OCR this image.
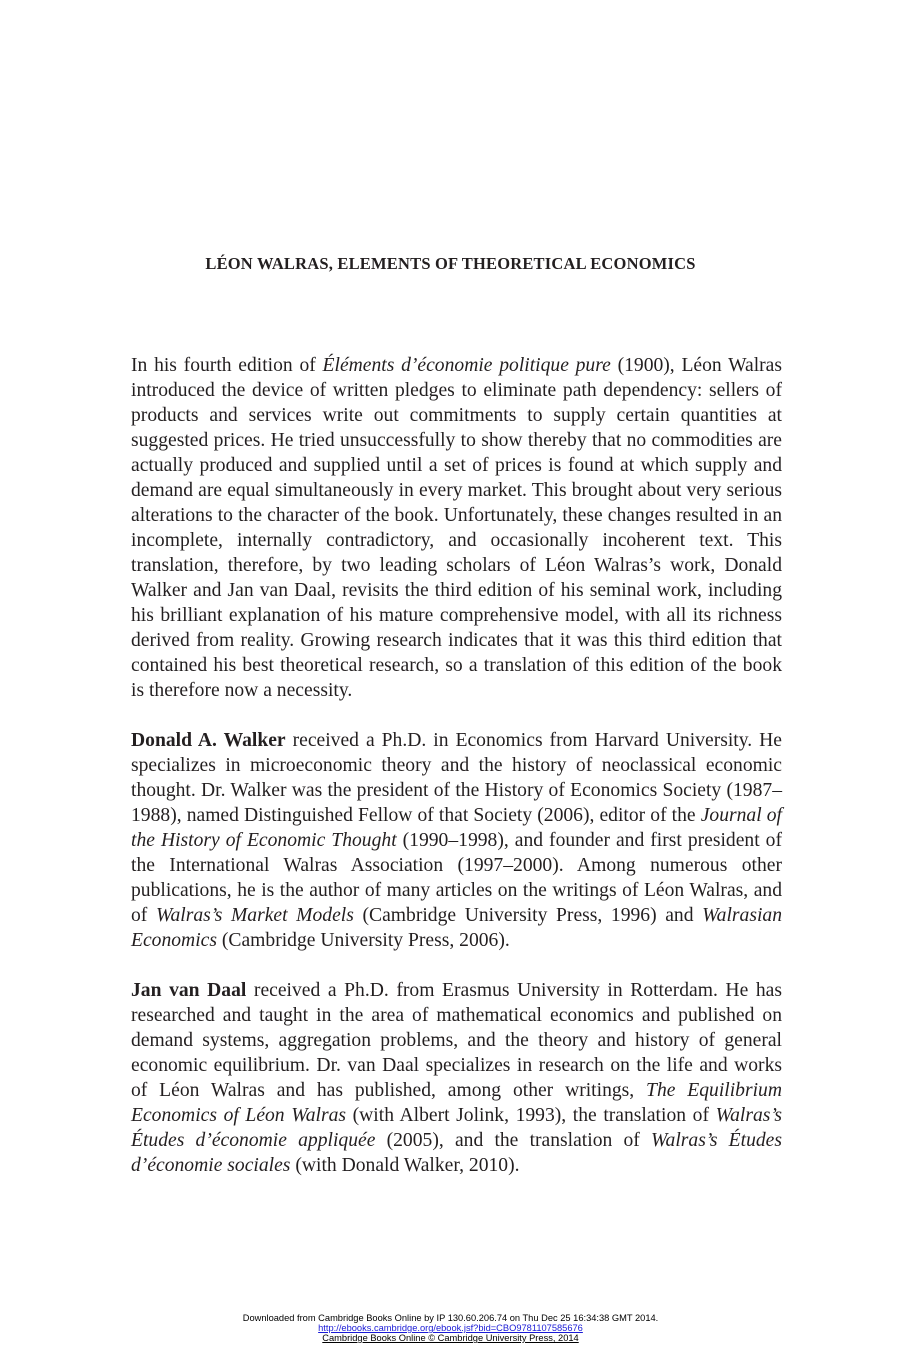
LÉON WALRAS, ELEMENTS OF THEORETICAL ECONOMICS

In his fourth edition of Éléments d’économie politique pure (1900), Léon Walras introduced the device of written pledges to eliminate path dependency: sellers of products and services write out commitments to supply certain quantities at suggested prices. He tried unsuccessfully to show thereby that no commodities are actually produced and supplied until a set of prices is found at which supply and demand are equal simultaneously in every market. This brought about very serious alterations to the character of the book. Unfortunately, these changes resulted in an incomplete, internally contradictory, and occasionally incoherent text. This translation, therefore, by two leading scholars of Léon Walras’s work, Donald Walker and Jan van Daal, revisits the third edition of his seminal work, including his brilliant explanation of his mature comprehensive model, with all its richness derived from reality. Growing research indicates that it was this third edition that contained his best theoretical research, so a translation of this edition of the book is therefore now a necessity.

Donald A. Walker received a Ph.D. in Economics from Harvard University. He specializes in microeconomic theory and the history of neoclassical economic thought. Dr. Walker was the president of the History of Economics Society (1987–1988), named Distinguished Fellow of that Society (2006), editor of the Journal of the History of Economic Thought (1990–1998), and founder and first president of the International Walras Association (1997–2000). Among numerous other publications, he is the author of many articles on the writings of Léon Walras, and of Walras’s Market Models (Cambridge University Press, 1996) and Walrasian Economics (Cambridge University Press, 2006).

Jan van Daal received a Ph.D. from Erasmus University in Rotterdam. He has researched and taught in the area of mathematical economics and published on demand systems, aggregation problems, and the theory and history of general economic equilibrium. Dr. van Daal specializes in research on the life and works of Léon Walras and has published, among other writings, The Equilibrium Economics of Léon Walras (with Albert Jolink, 1993), the translation of Walras’s Études d’économie appliquée (2005), and the translation of Walras’s Études d’économie sociales (with Donald Walker, 2010).

Downloaded from Cambridge Books Online by IP 130.60.206.74 on Thu Dec 25 16:34:38 GMT 2014.
http://ebooks.cambridge.org/ebook.jsf?bid=CBO9781107585676
Cambridge Books Online © Cambridge University Press, 2014
